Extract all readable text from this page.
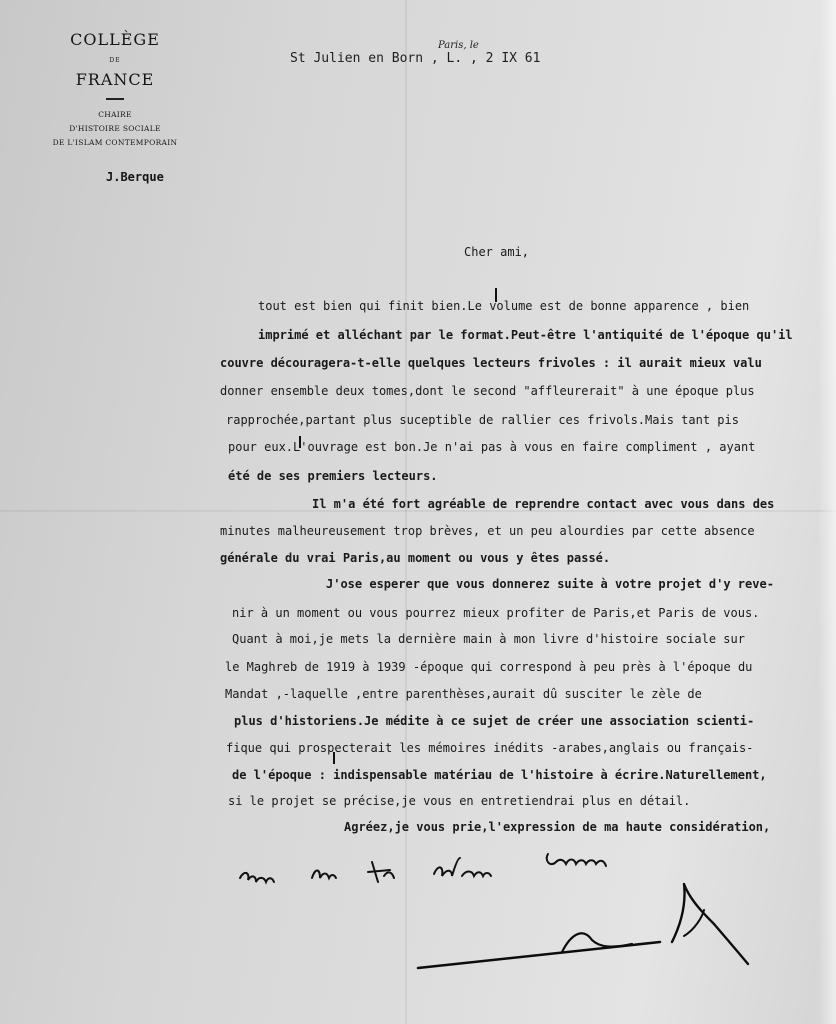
COLLÈGE
DE
FRANCE
CHAIRE
D'HISTOIRE SOCIALE
DE L'ISLAM CONTEMPORAIN
J.Berque
Paris, le
St Julien en Born , L. , 2 IX 61
Cher ami,
tout est bien qui finit bien.Le volume est de bonne apparence , bien
imprimé et alléchant par le format.Peut-être l'antiquité de l'époque qu'il
couvre découragera-t-elle quelques lecteurs frivoles : il aurait mieux valu
donner ensemble deux tomes,dont le second "affleurerait" à une époque plus
rapprochée,partant plus suceptible de rallier ces frivols.Mais tant pis
pour eux.L'ouvrage est bon.Je n'ai pas à vous en faire compliment , ayant
été de ses premiers lecteurs.
Il m'a été fort agréable de reprendre contact avec vous dans des
minutes malheureusement trop brèves, et un peu alourdies par cette absence
générale du vrai Paris,au moment ou vous y êtes passé.
J'ose esperer que vous donnerez suite à votre projet d'y reve-
nir à un moment ou vous pourrez mieux profiter de Paris,et Paris de vous.
Quant à moi,je mets la dernière main à mon livre d'histoire sociale sur
le Maghreb de 1919 à 1939 -époque qui correspond à peu près à l'époque du
Mandat ,-laquelle ,entre parenthèses,aurait dû susciter le zèle de
plus d'historiens.Je médite à ce sujet de créer une association scienti-
fique qui prospecterait les mémoires inédits -arabes,anglais ou français-
de l'époque : indispensable matériau de l'histoire à écrire.Naturellement,
si le projet se précise,je vous en entretiendrai plus en détail.
Agréez,je vous prie,l'expression de ma haute considération,
